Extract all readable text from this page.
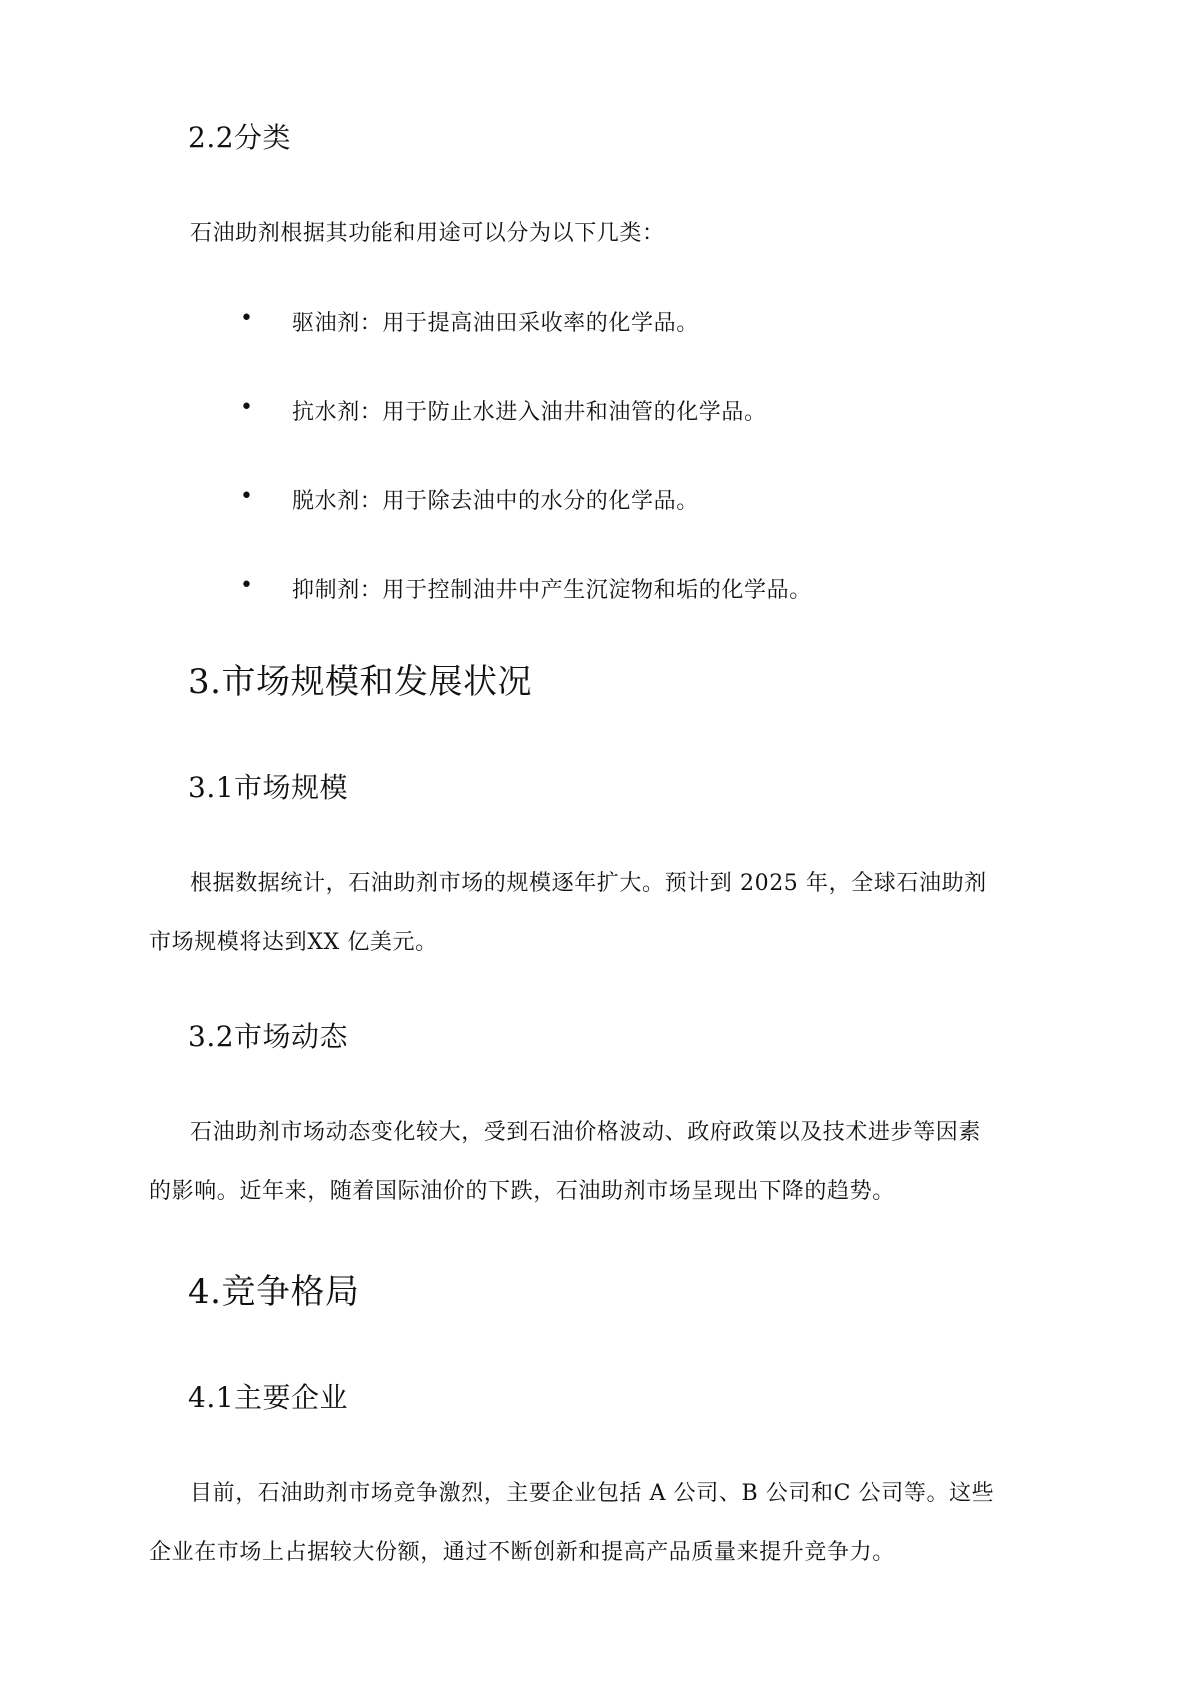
2.2分类

石油助剂根据其功能和用途可以分为以下几类：

• 驱油剂：用于提高油田采收率的化学品。
• 抗水剂：用于防止水进入油井和油管的化学品。
• 脱水剂：用于除去油中的水分的化学品。
• 抑制剂：用于控制油井中产生沉淀物和垢的化学品。
3.市场规模和发展状况
3.1市场规模

根据数据统计，石油助剂市场的规模逐年扩大。预计到 2025 年，全球石油助剂

市场规模将达到XX 亿美元。

3.2市场动态

石油助剂市场动态变化较大，受到石油价格波动、政府政策以及技术进步等因素

的影响。近年来，随着国际油价的下跌，石油助剂市场呈现出下降的趋势。

4.竞争格局
4.1主要企业

目前，石油助剂市场竞争激烈，主要企业包括 A 公司、B 公司和C 公司等。这些

企业在市场上占据较大份额，通过不断创新和提高产品质量来提升竞争力。
